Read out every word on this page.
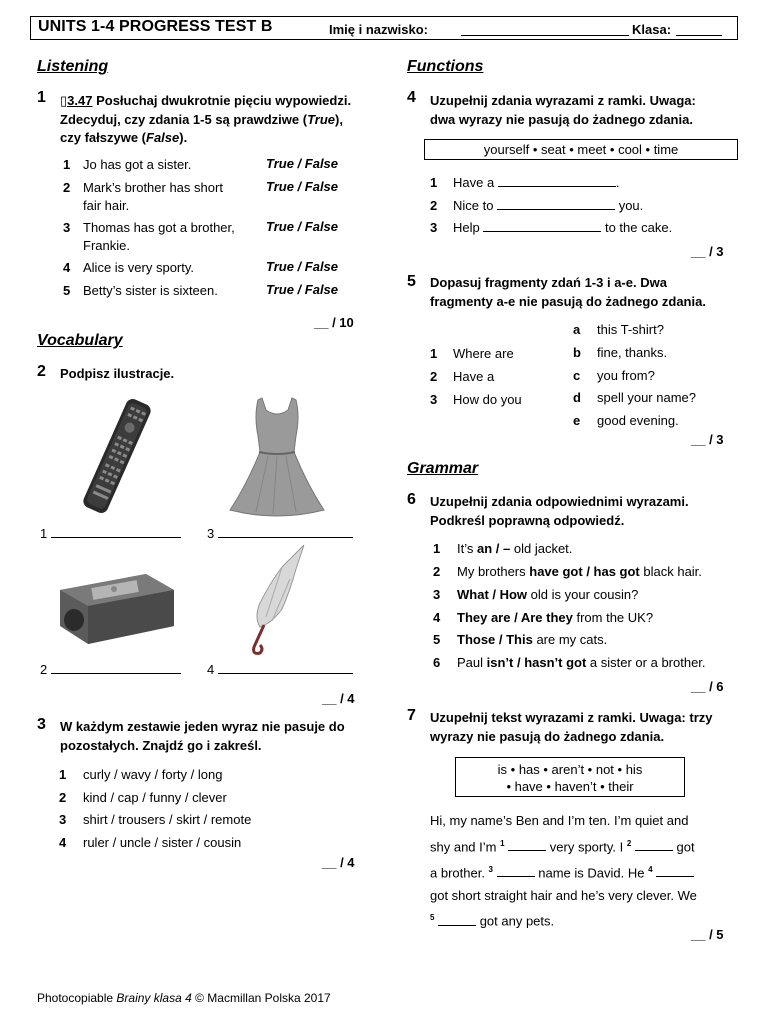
UNITS 1-4 PROGRESS TEST B	Imię i nazwisko:	Klasa:
Listening
1 ▯3.47 Posłuchaj dwukrotnie pięciu wypowiedzi.
Zdecyduj, czy zdania 1-5 są prawdziwe (True),
czy fałszywe (False).
1 Jo has got a sister.	True / False
2 Mark’s brother has short
fair hair.
True / False
3 Thomas has got a brother,
Frankie.
True / False
4 Alice is very sporty.	True / False
5 Betty’s sister is sixteen.	True / False
__ / 10
Vocabulary
2 Podpisz ilustracje.
1	3
2	4
__ / 4
3 W każdym zestawie jeden wyraz nie pasuje do
pozostałych. Znajdź go i zakreśl.
1 curly / wavy / forty / long
2 kind / cap / funny / clever
3 shirt / trousers / skirt / remote
4 ruler / uncle / sister / cousin
__ / 4
Functions
4 Uzupełnij zdania wyrazami z ramki. Uwaga:
dwa wyrazy nie pasują do żadnego zdania.
yourself • seat • meet • cool • time
1 Have a	.
2 Nice to	you.
3 Help	to the cake.
__ / 3
5 Dopasuj fragmenty zdań 1-3 i a-e. Dwa
fragmenty a-e nie pasują do żadnego zdania.
1 Where are
2 Have a
3 How do you
a this T-shirt?
b fine, thanks.
c you from?
d spell your name?
e good evening.
__ / 3
Grammar
6 Uzupełnij zdania odpowiednimi wyrazami.
Podkreśl poprawną odpowiedź.
1 It’s an / – old jacket.
2 My brothers have got / has got black hair.
3 What / How old is your cousin?
4 They are / Are they from the UK?
5 Those / This are my cats.
6 Paul isn’t / hasn’t got a sister or a brother.
__ / 6
7 Uzupełnij tekst wyrazami z ramki. Uwaga: trzy
wyrazy nie pasują do żadnego zdania.
is • has • aren’t • not • his
• have • haven’t • their
Hi, my name’s Ben and I’m ten. I’m quiet and
shy and I’m $^1$	very sporty. I $^2$	got
a brother. $^3$	name is David. He $^4$
got short straight hair and he’s very clever. We
$^5$	got any pets.
__ / 5
Photocopiable Brainy klasa 4 © Macmillan Polska 2017
